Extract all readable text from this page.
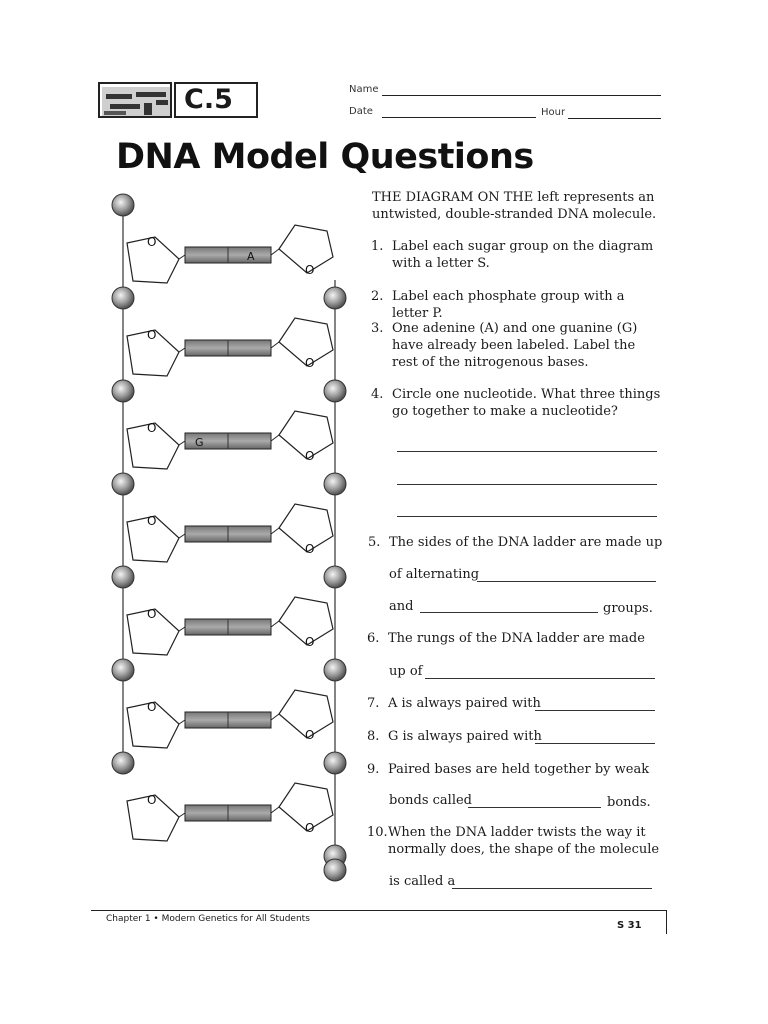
C.5	Name
Date	Hour
DNA Model Questions
O
O
O
O
O
O
O
O
O
O
O
O
O
O
A
G
THE DIAGRAM ON THE left represents an untwisted, double-stranded DNA molecule.
1. Label each sugar group on the diagram with a letter S.
2. Label each phosphate group with a letter P.
3. One adenine (A) and one guanine (G) have already been labeled. Label the rest of the nitrogenous bases.
4. Circle one nucleotide. What three things go together to make a nucleotide?
5. The sides of the DNA ladder are made up
of alternating
and	groups.
6. The rungs of the DNA ladder are made
up of
7. A is always paired with
8. G is always paired with
9. Paired bases are held together by weak
bonds called	bonds.
10. When the DNA ladder twists the way it normally does, the shape of the molecule
is called a
Chapter 1 • Modern Genetics for All Students
S 31
